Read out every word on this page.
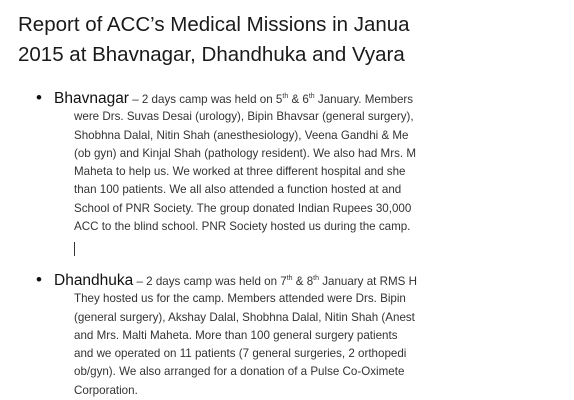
Report of ACC’s Medical Missions in Janua
2015 at Bhavnagar, Dhandhuka and Vyara
• Bhavnagar – 2 days camp was held on 5th & 6th January. Members
were Drs. Suvas Desai (urology), Bipin Bhavsar (general surgery),
Shobhna Dalal, Nitin Shah (anesthesiology), Veena Gandhi & Me
(ob gyn) and Kinjal Shah (pathology resident). We also had Mrs. M
Maheta to help us. We worked at three different hospital and she
than 100 patients. We all also attended a function hosted at and
School of PNR Society. The group donated Indian Rupees 30,000
ACC to the blind school. PNR Society hosted us during the camp.
• Dhandhuka – 2 days camp was held on 7th & 8th January at RMS H
They hosted us for the camp. Members attended were Drs. Bipin
(general surgery), Akshay Dalal, Shobhna Dalal, Nitin Shah (Anest
and Mrs. Malti Maheta. More than 100 general surgery patients
and we operated on 11 patients (7 general surgeries, 2 orthopedi
ob/gyn). We also arranged for a donation of a Pulse Co-Oximete
Corporation.
